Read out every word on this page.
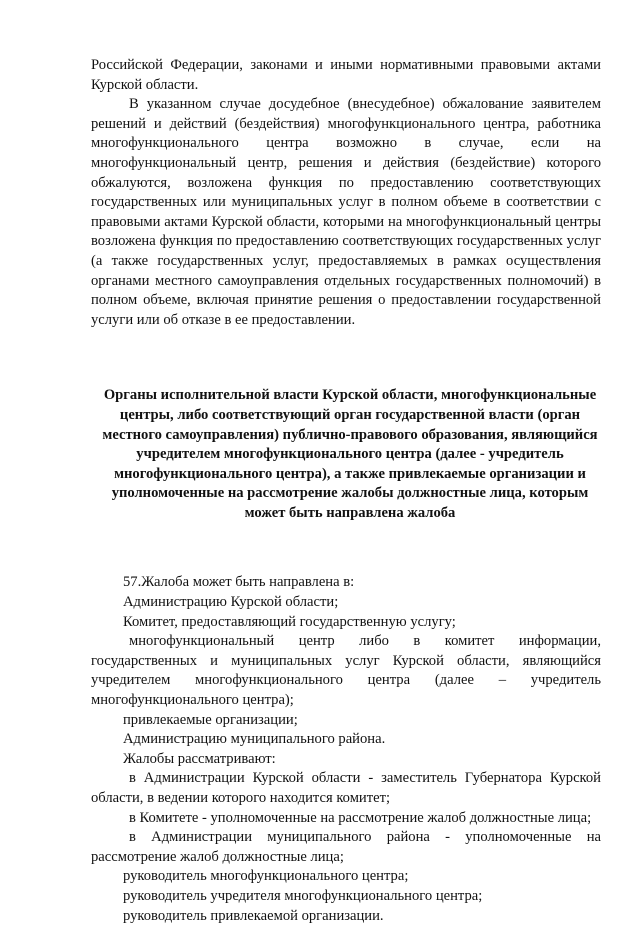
Российской Федерации, законами и иными нормативными правовыми актами Курской области.

В указанном случае досудебное (внесудебное) обжалование заявителем решений и действий (бездействия) многофункционального центра, работника многофункционального центра возможно в случае, если на многофункциональный центр, решения и действия (бездействие) которого обжалуются, возложена функция по предоставлению соответствующих государственных или муниципальных услуг в полном объеме в соответствии с правовыми актами Курской области, которыми на многофункциональный центры возложена функция по предоставлению соответствующих государственных услуг (а также государственных услуг, предоставляемых в рамках осуществления органами местного самоуправления отдельных государственных полномочий) в полном объеме, включая принятие решения о предоставлении государственной услуги или об отказе в ее предоставлении.

Органы исполнительной власти Курской области, многофункциональные центры, либо соответствующий орган государственной власти (орган местного самоуправления) публично-правового образования, являющийся учредителем многофункционального центра (далее - учредитель многофункционального центра), а также привлекаемые организации и уполномоченные на рассмотрение жалобы должностные лица, которым может быть направлена жалоба

57.Жалоба может быть направлена в:

Администрацию Курской области;

Комитет, предоставляющий государственную услугу;

многофункциональный центр либо в комитет информации, государственных и муниципальных услуг Курской области, являющийся учредителем многофункционального центра (далее – учредитель многофункционального центра);

привлекаемые организации;

Администрацию муниципального района.

Жалобы рассматривают:

в Администрации Курской области - заместитель Губернатора Курской области, в ведении которого находится комитет;

в Комитете - уполномоченные на рассмотрение жалоб должностные лица;

в Администрации муниципального района - уполномоченные на рассмотрение жалоб должностные лица;

руководитель многофункционального центра;

руководитель учредителя многофункционального центра;

руководитель привлекаемой организации.
